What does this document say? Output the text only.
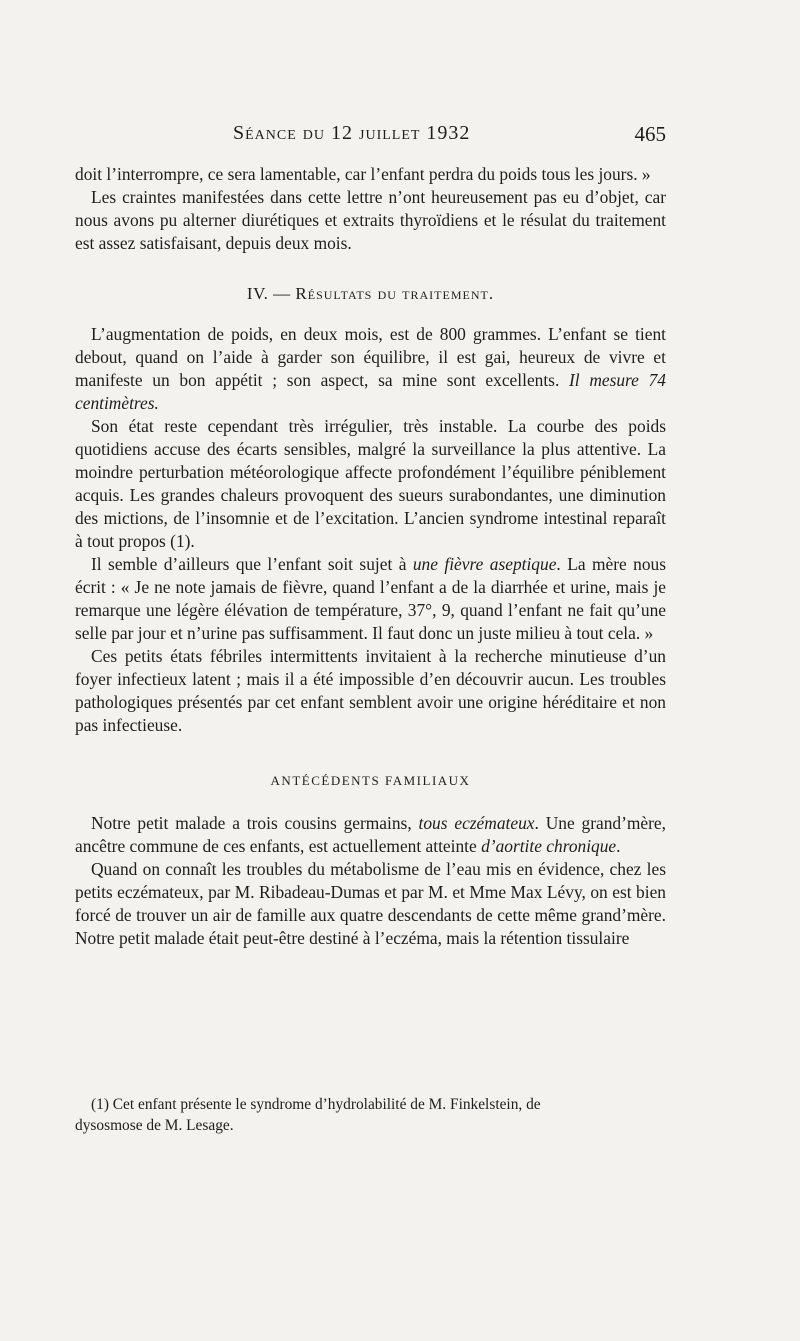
Séance du 12 juillet 1932	465

doit l’interrompre, ce sera lamentable, car l’enfant perdra du poids tous les jours. »

Les craintes manifestées dans cette lettre n’ont heureusement pas eu d’objet, car nous avons pu alterner diurétiques et extraits thyroïdiens et le résulat du traitement est assez satisfaisant, depuis deux mois.

IV. — Résultats du traitement.

L’augmentation de poids, en deux mois, est de 800 grammes. L’enfant se tient debout, quand on l’aide à garder son équilibre, il est gai, heureux de vivre et manifeste un bon appétit ; son aspect, sa mine sont excellents. Il mesure 74 centimètres.

Son état reste cependant très irrégulier, très instable. La courbe des poids quotidiens accuse des écarts sensibles, malgré la surveillance la plus attentive. La moindre perturbation météorologique affecte profondément l’équilibre péniblement acquis. Les grandes chaleurs provoquent des sueurs surabondantes, une diminution des mictions, de l’insomnie et de l’excitation. L’ancien syndrome intestinal reparaît à tout propos (1).

Il semble d’ailleurs que l’enfant soit sujet à une fièvre aseptique. La mère nous écrit : « Je ne note jamais de fièvre, quand l’enfant a de la diarrhée et urine, mais je remarque une légère élévation de température, 37°, 9, quand l’enfant ne fait qu’une selle par jour et n’urine pas suffisamment. Il faut donc un juste milieu à tout cela. »

Ces petits états fébriles intermittents invitaient à la recherche minutieuse d’un foyer infectieux latent ; mais il a été impossible d’en découvrir aucun. Les troubles pathologiques présentés par cet enfant semblent avoir une origine héréditaire et non pas infectieuse.

ANTÉCÉDENTS FAMILIAUX

Notre petit malade a trois cousins germains, tous eczémateux. Une grand’mère, ancêtre commune de ces enfants, est actuellement atteinte d’aortite chronique.

Quand on connaît les troubles du métabolisme de l’eau mis en évidence, chez les petits eczémateux, par M. Ribadeau-Dumas et par M. et Mme Max Lévy, on est bien forcé de trouver un air de famille aux quatre descendants de cette même grand’mère. Notre petit malade était peut-être destiné à l’eczéma, mais la rétention tissulaire

(1) Cet enfant présente le syndrome d’hydrolabilité de M. Finkelstein, de

dysosmose de M. Lesage.
